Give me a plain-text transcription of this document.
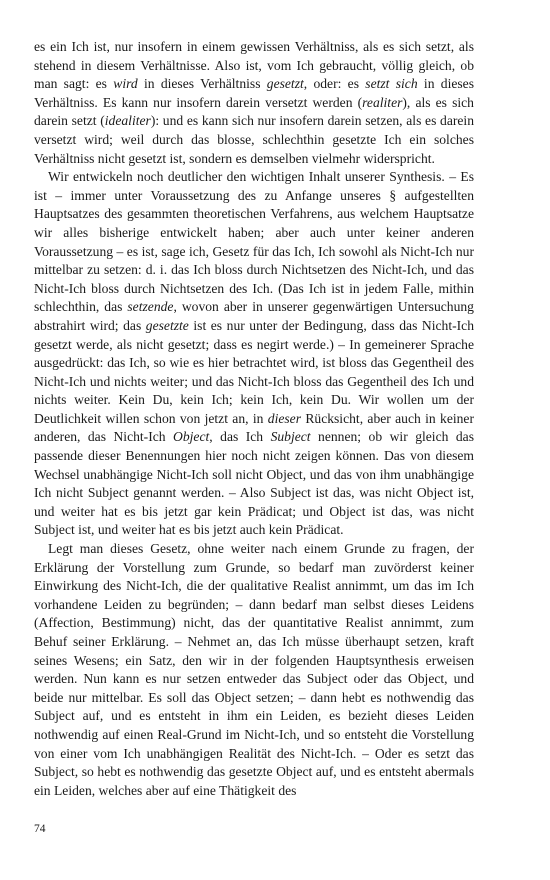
es ein Ich ist, nur insofern in einem gewissen Verhältniss, als es sich setzt, als stehend in diesem Verhältnisse. Also ist, vom Ich gebraucht, völlig gleich, ob man sagt: es wird in dieses Verhältniss gesetzt, oder: es setzt sich in dieses Verhältniss. Es kann nur insofern darein versetzt werden (realiter), als es sich darein setzt (idealiter): und es kann sich nur insofern darein setzen, als es darein versetzt wird; weil durch das blosse, schlechthin gesetzte Ich ein solches Verhältniss nicht gesetzt ist, sondern es demselben vielmehr widerspricht.

Wir entwickeln noch deutlicher den wichtigen Inhalt unserer Synthesis. – Es ist – immer unter Voraussetzung des zu Anfange unseres § aufgestellten Hauptsatzes des gesammten theoretischen Verfahrens, aus welchem Hauptsatze wir alles bisherige entwickelt haben; aber auch unter keiner anderen Voraussetzung – es ist, sage ich, Gesetz für das Ich, Ich sowohl als Nicht-Ich nur mittelbar zu setzen: d. i. das Ich bloss durch Nichtsetzen des Nicht-Ich, und das Nicht-Ich bloss durch Nichtsetzen des Ich. (Das Ich ist in jedem Falle, mithin schlechthin, das setzende, wovon aber in unserer gegenwärtigen Untersuchung abstrahirt wird; das gesetzte ist es nur unter der Bedingung, dass das Nicht-Ich gesetzt werde, als nicht gesetzt; dass es negirt werde.) – In gemeinerer Sprache ausgedrückt: das Ich, so wie es hier betrachtet wird, ist bloss das Gegentheil des Nicht-Ich und nichts weiter; und das Nicht-Ich bloss das Gegentheil des Ich und nichts weiter. Kein Du, kein Ich; kein Ich, kein Du. Wir wollen um der Deutlichkeit willen schon von jetzt an, in dieser Rücksicht, aber auch in keiner anderen, das Nicht-Ich Object, das Ich Subject nennen; ob wir gleich das passende dieser Benennungen hier noch nicht zeigen können. Das von diesem Wechsel unabhängige Nicht-Ich soll nicht Object, und das von ihm unabhängige Ich nicht Subject genannt werden. – Also Subject ist das, was nicht Object ist, und weiter hat es bis jetzt gar kein Prädicat; und Object ist das, was nicht Subject ist, und weiter hat es bis jetzt auch kein Prädicat.

Legt man dieses Gesetz, ohne weiter nach einem Grunde zu fragen, der Erklärung der Vorstellung zum Grunde, so bedarf man zuvörderst keiner Einwirkung des Nicht-Ich, die der qualitative Realist annimmt, um das im Ich vorhandene Leiden zu begründen; – dann bedarf man selbst dieses Leidens (Affection, Bestimmung) nicht, das der quantitative Realist annimmt, zum Behuf seiner Erklärung. – Nehmet an, das Ich müsse überhaupt setzen, kraft seines Wesens; ein Satz, den wir in der folgenden Hauptsynthesis erweisen werden. Nun kann es nur setzen entweder das Subject oder das Object, und beide nur mittelbar. Es soll das Object setzen; – dann hebt es nothwendig das Subject auf, und es entsteht in ihm ein Leiden, es bezieht dieses Leiden nothwendig auf einen Real-Grund im Nicht-Ich, und so entsteht die Vorstellung von einer vom Ich unabhängigen Realität des Nicht-Ich. – Oder es setzt das Subject, so hebt es nothwendig das gesetzte Object auf, und es entsteht abermals ein Leiden, welches aber auf eine Thätigkeit des

74
